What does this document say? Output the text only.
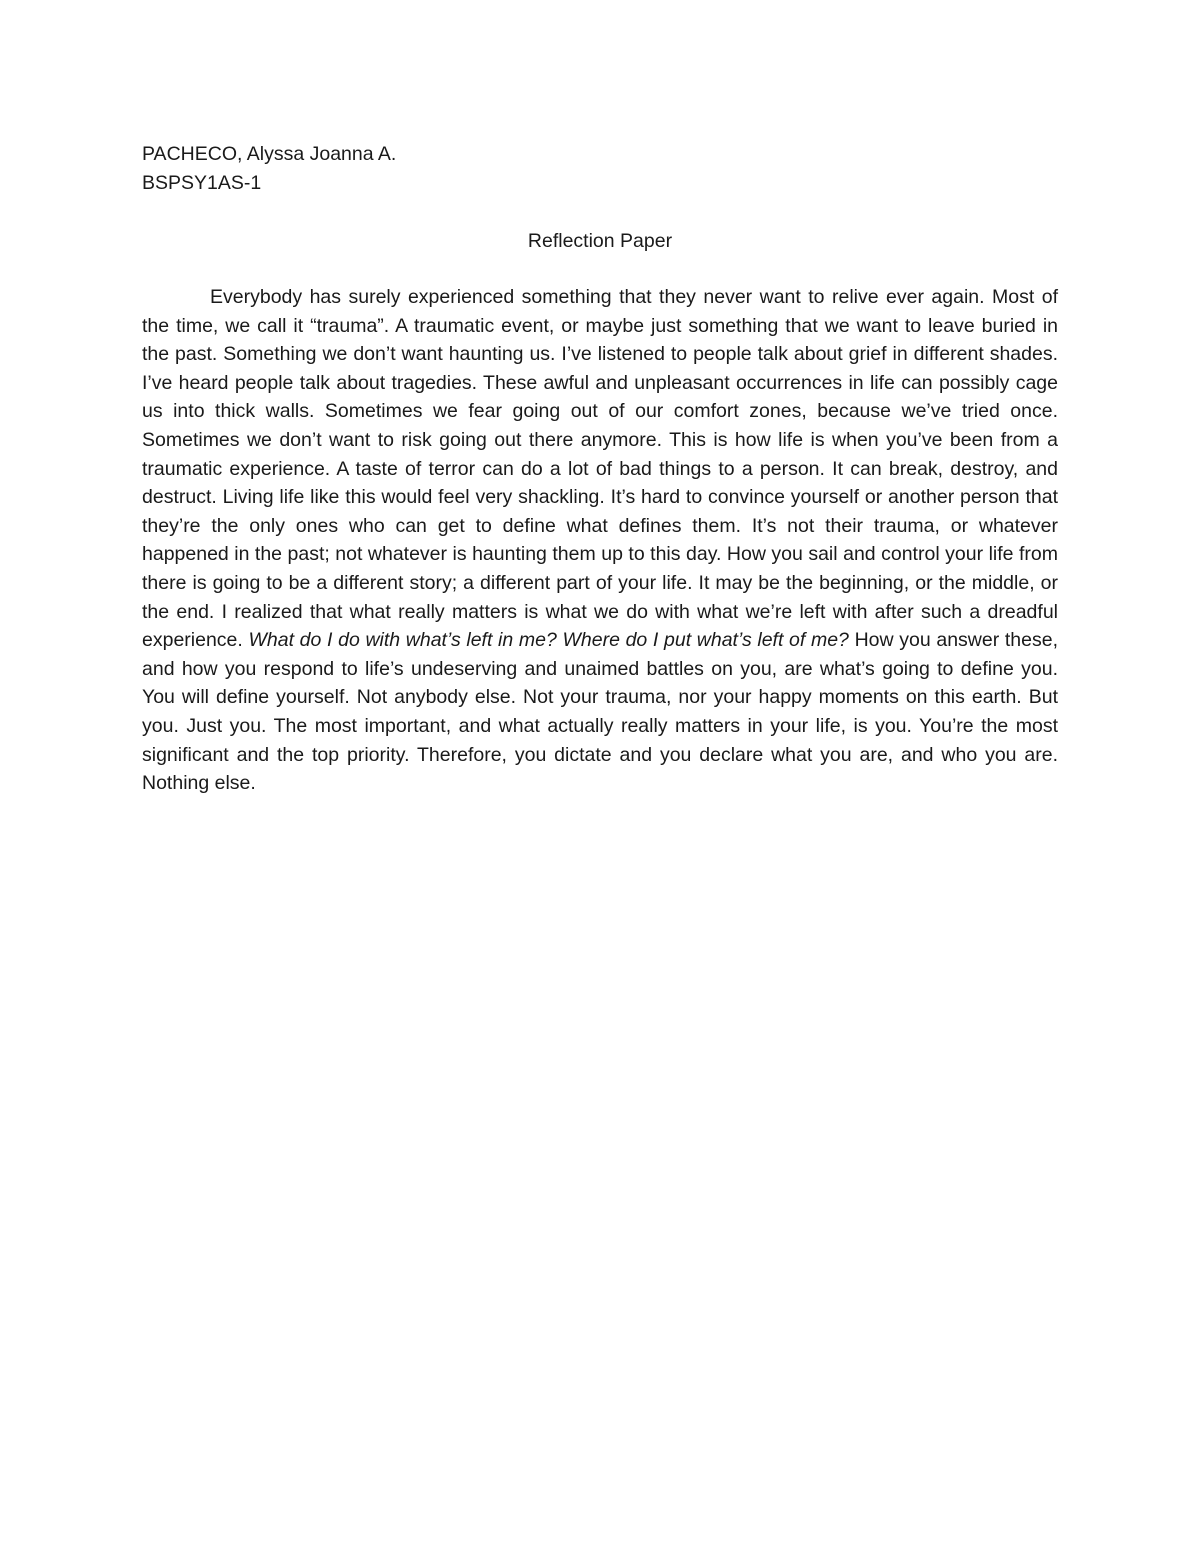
PACHECO, Alyssa Joanna A.
BSPSY1AS-1
Reflection Paper

Everybody has surely experienced something that they never want to relive ever again. Most of the time, we call it “trauma”. A traumatic event, or maybe just something that we want to leave buried in the past. Something we don’t want haunting us. I’ve listened to people talk about grief in different shades. I’ve heard people talk about tragedies. These awful and unpleasant occurrences in life can possibly cage us into thick walls. Sometimes we fear going out of our comfort zones, because we’ve tried once. Sometimes we don’t want to risk going out there anymore. This is how life is when you’ve been from a traumatic experience. A taste of terror can do a lot of bad things to a person. It can break, destroy, and destruct. Living life like this would feel very shackling. It’s hard to convince yourself or another person that they’re the only ones who can get to define what defines them. It’s not their trauma, or whatever happened in the past; not whatever is haunting them up to this day. How you sail and control your life from there is going to be a different story; a different part of your life. It may be the beginning, or the middle, or the end. I realized that what really matters is what we do with what we’re left with after such a dreadful experience. What do I do with what’s left in me? Where do I put what’s left of me? How you answer these, and how you respond to life’s undeserving and unaimed battles on you, are what’s going to define you. You will define yourself. Not anybody else. Not your trauma, nor your happy moments on this earth. But you. Just you. The most important, and what actually really matters in your life, is you. You’re the most significant and the top priority. Therefore, you dictate and you declare what you are, and who you are. Nothing else.
